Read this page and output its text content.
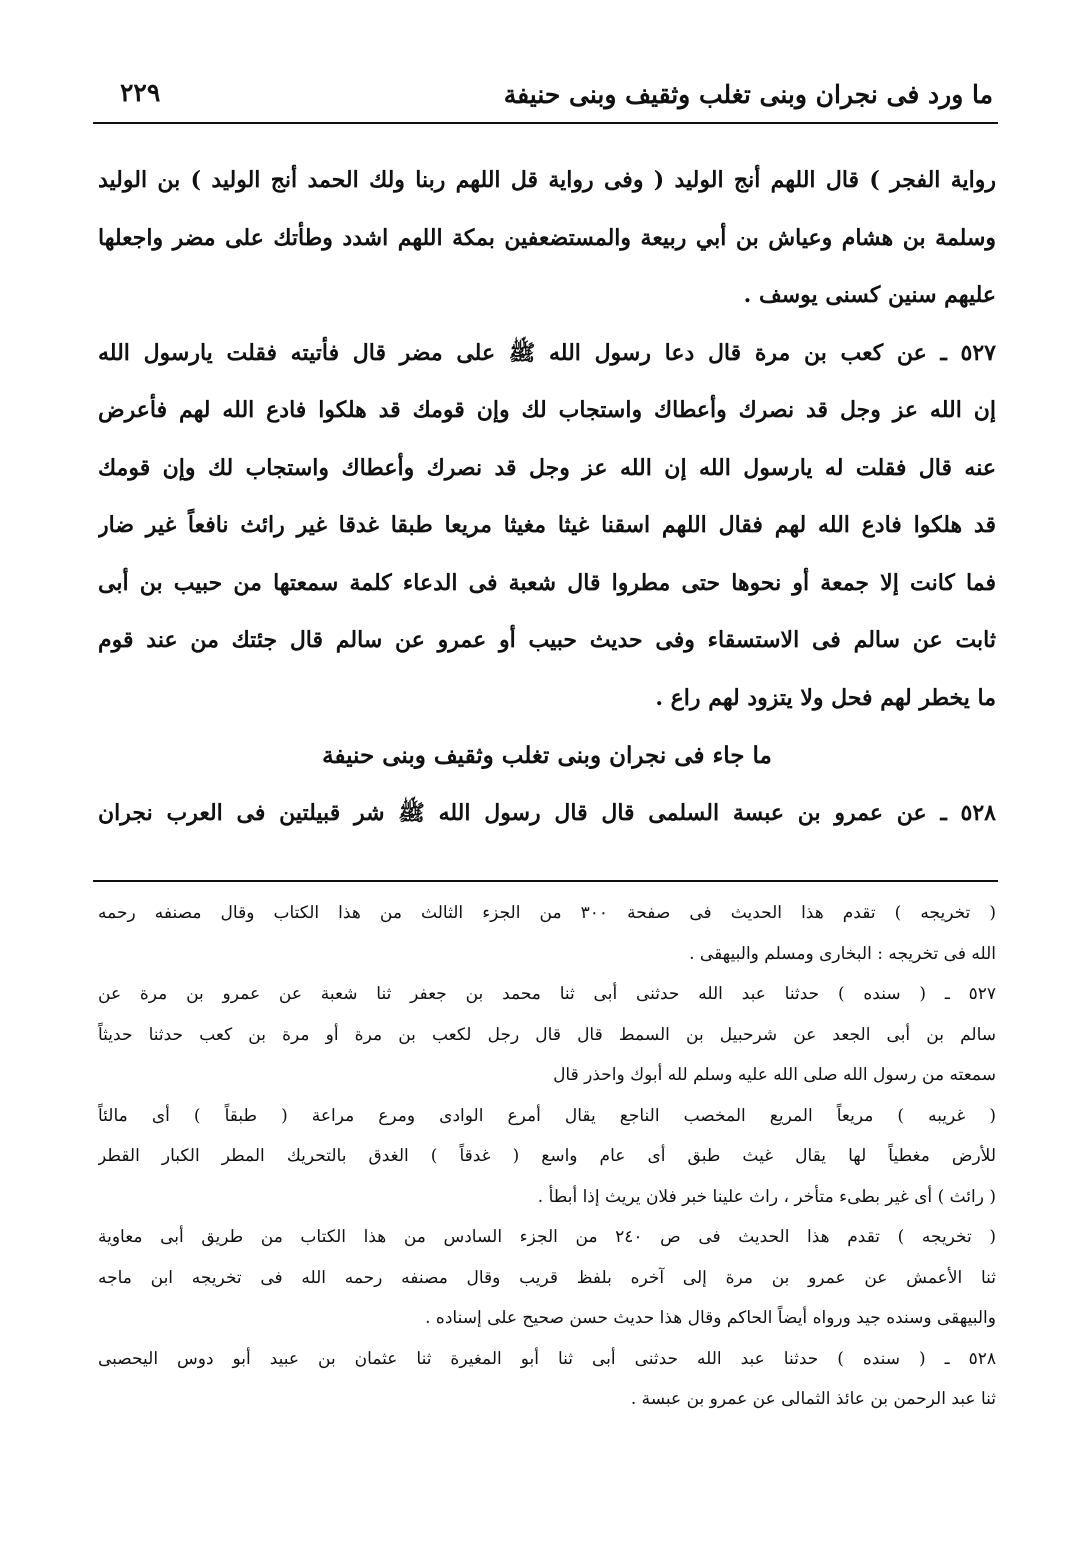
ما ورد فى نجران وبنى تغلب وثقيف وبنى حنيفة
٢٢٩
رواية الفجر ) قال اللهم أنج الوليد ( وفى رواية قل اللهم ربنا ولك الحمد أنج الوليد ) بن الوليد
وسلمة بن هشام وعياش بن أبي ربيعة والمستضعفين بمكة اللهم اشدد وطأتك على مضر واجعلها
عليهم سنين كسنى يوسف .
٥٢٧ ـ عن كعب بن مرة قال دعا رسول الله ﷺ على مضر قال فأتيته فقلت يارسول الله
إن الله عز وجل قد نصرك وأعطاك واستجاب لك وإن قومك قد هلكوا فادع الله لهم فأعرض
عنه قال فقلت له يارسول الله إن الله عز وجل قد نصرك وأعطاك واستجاب لك وإن قومك
قد هلكوا فادع الله لهم فقال اللهم اسقنا غيثا مغيثا مريعا طبقا غدقا غير رائث نافعاً غير ضار
فما كانت إلا جمعة أو نحوها حتى مطروا قال شعبة فى الدعاء كلمة سمعتها من حبيب بن أبى
ثابت عن سالم فى الاستسقاء وفى حديث حبيب أو عمرو عن سالم قال جئتك من عند قوم
ما يخطر لهم فحل ولا يتزود لهم راع .
ما جاء فى نجران وبنى تغلب وثقيف وبنى حنيفة
٥٢٨ ـ عن عمرو بن عبسة السلمى قال قال رسول الله ﷺ شر قبيلتين فى العرب نجران
( تخريجه ) تقدم هذا الحديث فى صفحة ٣٠٠ من الجزء الثالث من هذا الكتاب وقال مصنفه رحمه
الله فى تخريجه : البخارى ومسلم والبيهقى .
٥٢٧ ـ ( سنده ) حدثنا عبد الله حدثنى أبى ثنا محمد بن جعفر ثنا شعبة عن عمرو بن مرة عن
سالم بن أبى الجعد عن شرحبيل بن السمط قال قال رجل لكعب بن مرة أو مرة بن كعب حدثنا حديثاً
سمعته من رسول الله صلى الله عليه وسلم لله أبوك واحذر قال
( غريبه ) مريعاً المريع المخصب الناجع يقال أمرع الوادى ومرع مراعة ( طبقاً ) أى مالئاً
للأرض مغطياً لها يقال غيث طبق أى عام واسع ( غدقاً ) الغدق بالتحريك المطر الكبار القطر
( رائث ) أى غير بطىء متأخر ، راث علينا خبر فلان يريث إذا أبطأ .
( تخريجه ) تقدم هذا الحديث فى ص ٢٤٠ من الجزء السادس من هذا الكتاب من طريق أبى معاوية
ثنا الأعمش عن عمرو بن مرة إلى آخره بلفظ قريب وقال مصنفه رحمه الله فى تخريجه ابن ماجه
والبيهقى وسنده جيد ورواه أيضاً الحاكم وقال هذا حديث حسن صحيح على إسناده .
٥٢٨ ـ ( سنده ) حدثنا عبد الله حدثنى أبى ثنا أبو المغيرة ثنا عثمان بن عبيد أبو دوس اليحصبى
ثنا عبد الرحمن بن عائذ الثمالى عن عمرو بن عبسة .
